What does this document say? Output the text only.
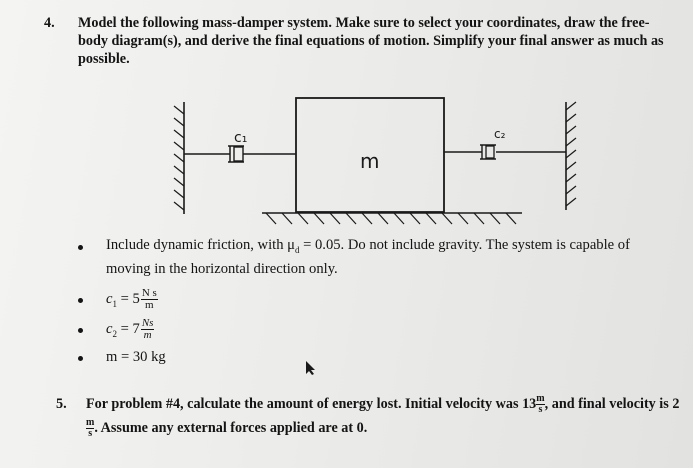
4. Model the following mass-damper system. Make sure to select your coordinates, draw the free-body diagram(s), and derive the final equations of motion. Simplify your final answer as much as possible.
c₁	c₂
m
Include dynamic friction, with $\mu_d = 0.05$. Do not include gravity. The system is capable of moving in the horizontal direction only.
$c_1 = 5 \frac{\text{N s}}{m}$
$c_2 = 7 \frac{Ns}{m}$
m = 30 kg
5. For problem #4, calculate the amount of energy lost. Initial velocity was $13 \frac{m}{s}$ , and final velocity is 2
$\frac{m}{s}$ . Assume any external forces applied are at 0.
